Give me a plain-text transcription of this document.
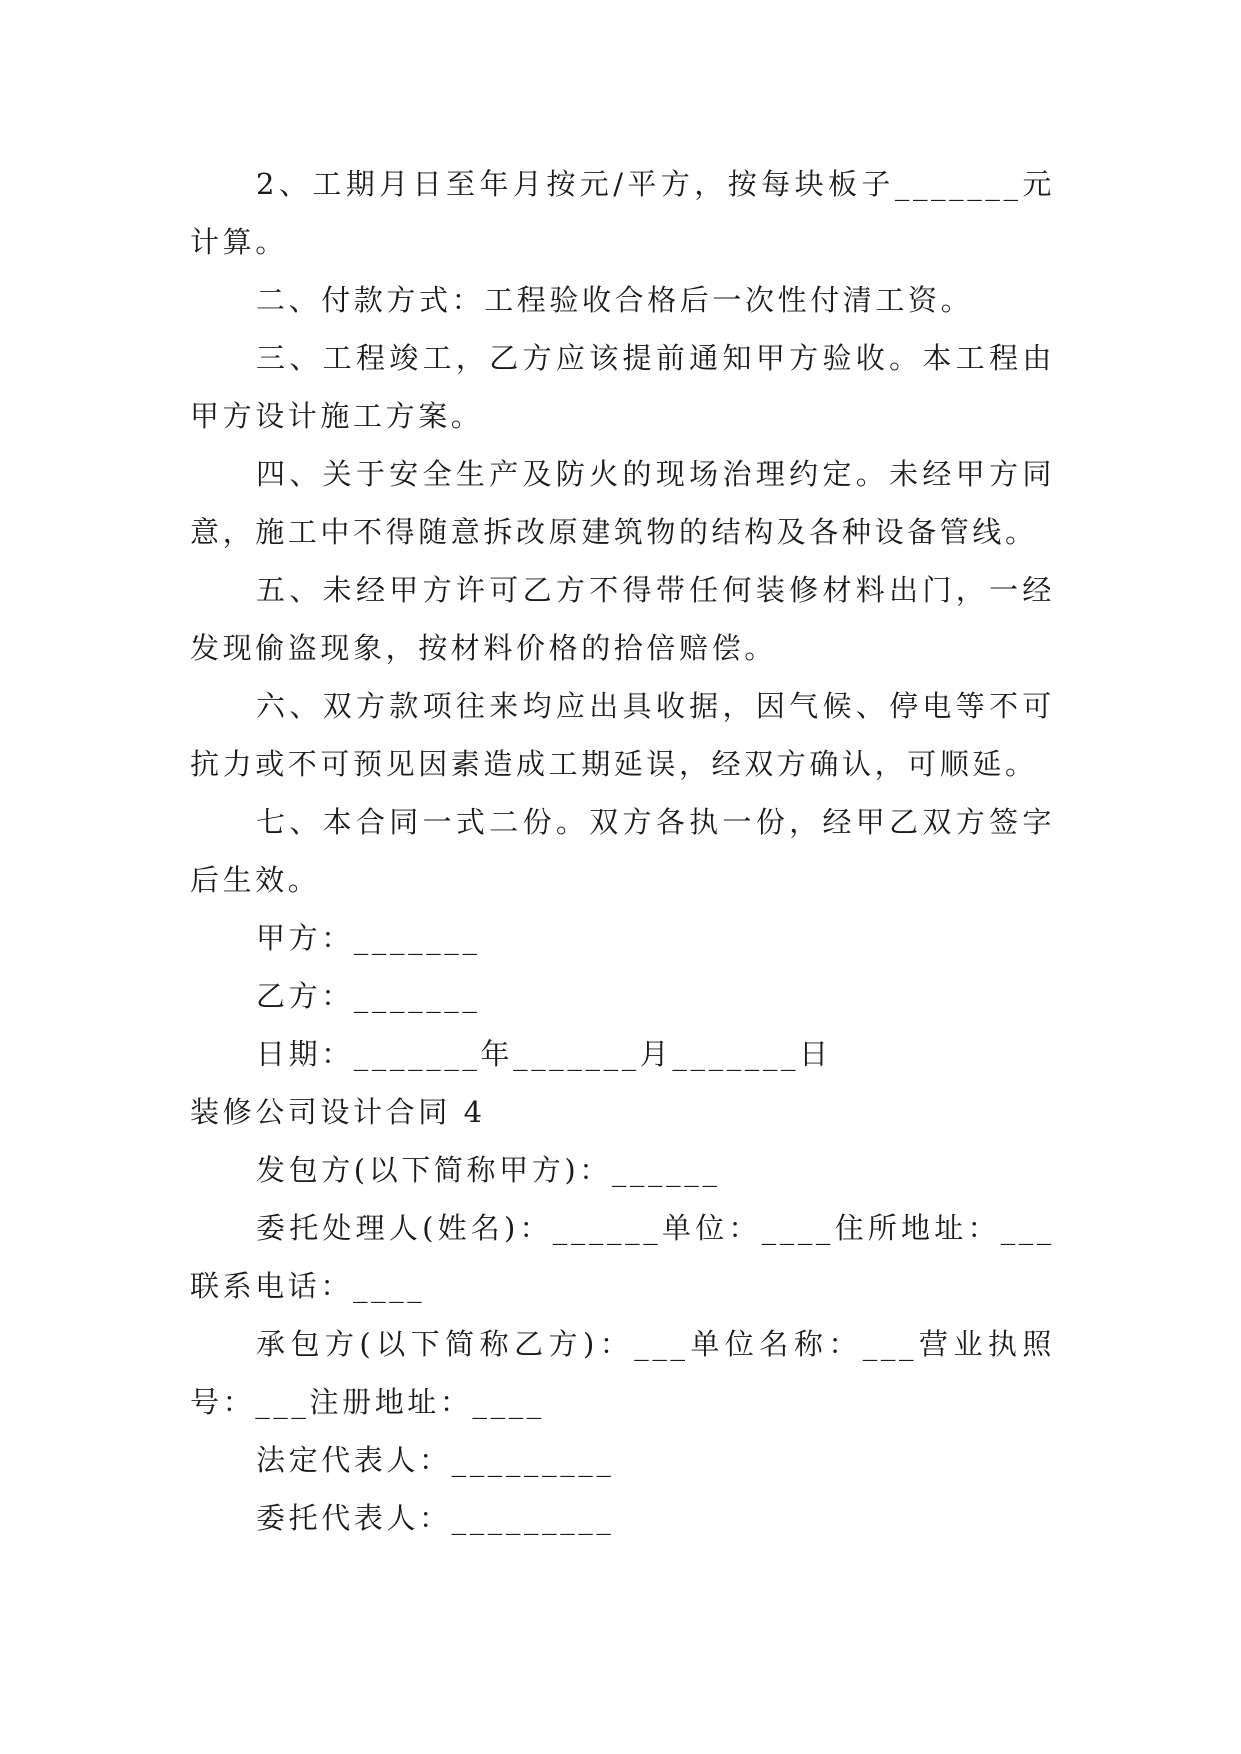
2、工期月日至年月按元/平方，按每块板子_______元计算。

二、付款方式：工程验收合格后一次性付清工资。

三、工程竣工，乙方应该提前通知甲方验收。本工程由甲方设计施工方案。

四、关于安全生产及防火的现场治理约定。未经甲方同意，施工中不得随意拆改原建筑物的结构及各种设备管线。

五、未经甲方许可乙方不得带任何装修材料出门，一经发现偷盗现象，按材料价格的拾倍赔偿。

六、双方款项往来均应出具收据，因气候、停电等不可抗力或不可预见因素造成工期延误，经双方确认，可顺延。

七、本合同一式二份。双方各执一份，经甲乙双方签字后生效。

甲方：_______

乙方：_______

日期：_______年_______月_______日

装修公司设计合同 4

发包方(以下简称甲方)：______

委托处理人(姓名)：______单位：____住所地址：___联系电话：____

承包方(以下简称乙方)：___单位名称：___营业执照号：___注册地址：____

法定代表人：_________

委托代表人：_________
